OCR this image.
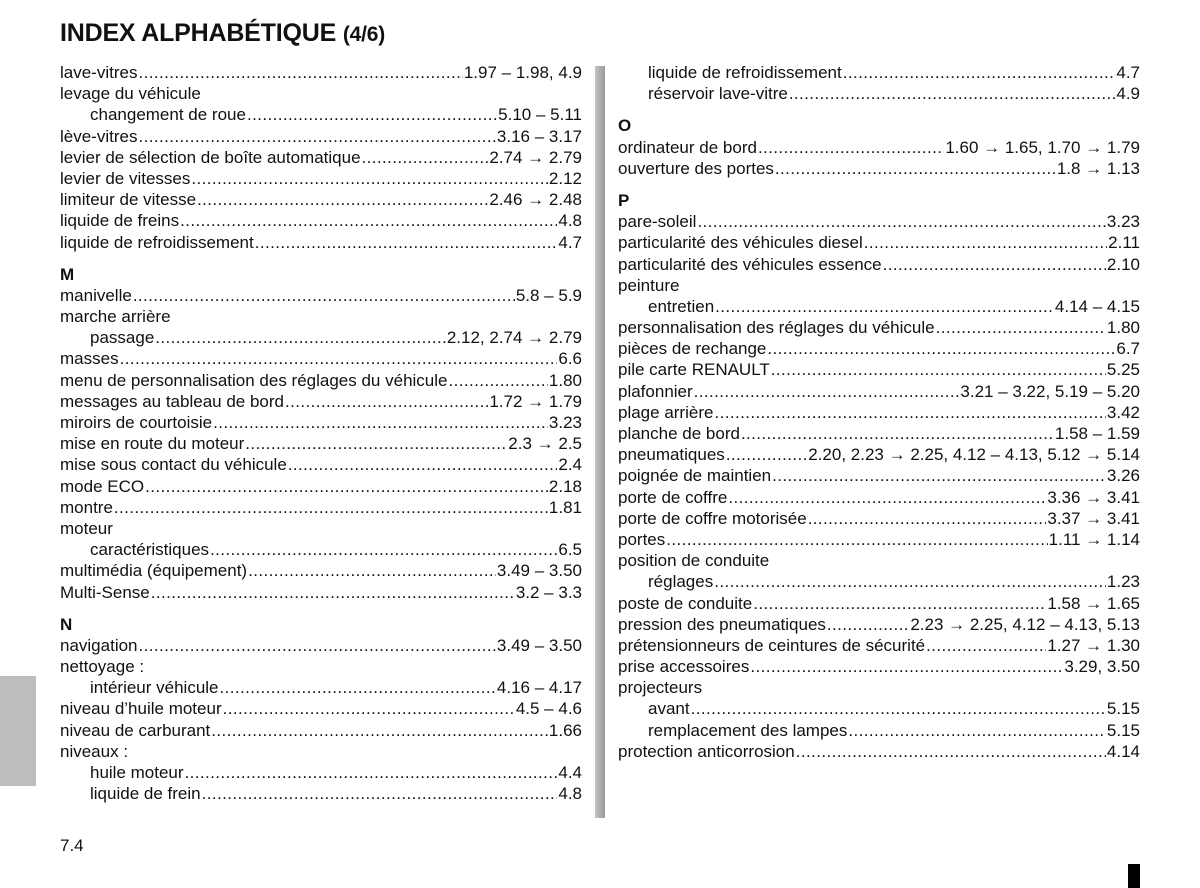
INDEX ALPHABÉTIQUE (4/6)
lave-vitres .....	1.97 – 1.98, 4.9
levage du véhicule
changement de roue .....	5.10 – 5.11
lève-vitres .....	3.16 – 3.17
levier de sélection de boîte automatique .....	2.74 → 2.79
levier de vitesses .....	2.12
limiteur de vitesse .....	2.46 → 2.48
liquide de freins .....	4.8
liquide de refroidissement .....	4.7
M
manivelle .....	5.8 – 5.9
marche arrière
passage .....	2.12, 2.74 → 2.79
masses .....	6.6
menu de personnalisation des réglages du véhicule .....	1.80
messages au tableau de bord .....	1.72 → 1.79
miroirs de courtoisie .....	3.23
mise en route du moteur .....	2.3 → 2.5
mise sous contact du véhicule .....	2.4
mode ECO .....	2.18
montre .....	1.81
moteur
caractéristiques .....	6.5
multimédia (équipement) .....	3.49 – 3.50
Multi-Sense .....	3.2 – 3.3
N
navigation .....	3.49 – 3.50
nettoyage :
intérieur véhicule .....	4.16 – 4.17
niveau d’huile moteur .....	4.5 – 4.6
niveau de carburant .....	1.66
niveaux :
huile moteur .....	4.4
liquide de frein .....	4.8
liquide de refroidissement .....	4.7
réservoir lave-vitre .....	4.9
O
ordinateur de bord .....	1.60 → 1.65, 1.70 → 1.79
ouverture des portes .....	1.8 → 1.13
P
pare-soleil .....	3.23
particularité des véhicules diesel .....	2.11
particularité des véhicules essence .....	2.10
peinture
entretien .....	4.14 – 4.15
personnalisation des réglages du véhicule .....	1.80
pièces de rechange .....	6.7
pile carte RENAULT .....	5.25
plafonnier .....	3.21 – 3.22, 5.19 – 5.20
plage arrière .....	3.42
planche de bord .....	1.58 – 1.59
pneumatiques .....	2.20, 2.23 → 2.25, 4.12 – 4.13, 5.12 → 5.14
poignée de maintien .....	3.26
porte de coffre .....	3.36 → 3.41
porte de coffre motorisée .....	3.37 → 3.41
portes .....	1.11 → 1.14
position de conduite
réglages .....	1.23
poste de conduite .....	1.58 → 1.65
pression des pneumatiques .....	2.23 → 2.25, 4.12 – 4.13, 5.13
prétensionneurs de ceintures de sécurité .....	1.27 → 1.30
prise accessoires .....	3.29, 3.50
projecteurs
avant .....	5.15
remplacement des lampes .....	5.15
protection anticorrosion .....	4.14
7.4
